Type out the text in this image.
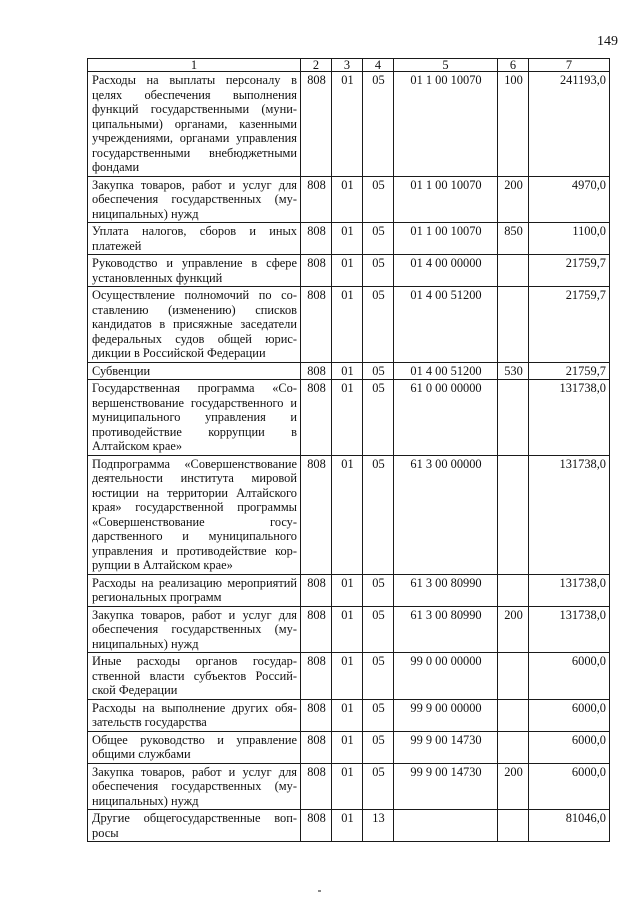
149
1	2	3	4	5	6	7
Расходы на выплаты персоналу в целях обеспечения выполнения функций государственными (муниципальными) органами, казенными учреждениями, органами управления государственными внебюджетными фондами	808	01	05	01 1 00 10070	100	241193,0
Закупка товаров, работ и услуг для обеспечения государственных (муниципальных) нужд	808	01	05	01 1 00 10070	200	4970,0
Уплата налогов, сборов и иных платежей	808	01	05	01 1 00 10070	850	1100,0
Руководство и управление в сфере установленных функций	808	01	05	01 4 00 00000		21759,7
Осуществление полномочий по составлению (изменению) списков кандидатов в присяжные заседатели федеральных судов общей юрисдикции в Российской Федерации	808	01	05	01 4 00 51200		21759,7
Субвенции	808	01	05	01 4 00 51200	530	21759,7
Государственная программа «Совершенствование государственного и муниципального управления и противодействие коррупции в Алтайском крае»	808	01	05	61 0 00 00000		131738,0
Подпрограмма «Совершенствование деятельности института мировой юстиции на территории Алтайского края» государственной программы «Совершенствование государственного и муниципального управления и противодействие коррупции в Алтайском крае»	808	01	05	61 3 00 00000		131738,0
Расходы на реализацию мероприятий региональных программ	808	01	05	61 3 00 80990		131738,0
Закупка товаров, работ и услуг для обеспечения государственных (муниципальных) нужд	808	01	05	61 3 00 80990	200	131738,0
Иные расходы органов государственной власти субъектов Российской Федерации	808	01	05	99 0 00 00000		6000,0
Расходы на выполнение других обязательств государства	808	01	05	99 9 00 00000		6000,0
Общее руководство и управление общими службами	808	01	05	99 9 00 14730		6000,0
Закупка товаров, работ и услуг для обеспечения государственных (муниципальных) нужд	808	01	05	99 9 00 14730	200	6000,0
Другие общегосударственные вопросы	808	01	13			81046,0
